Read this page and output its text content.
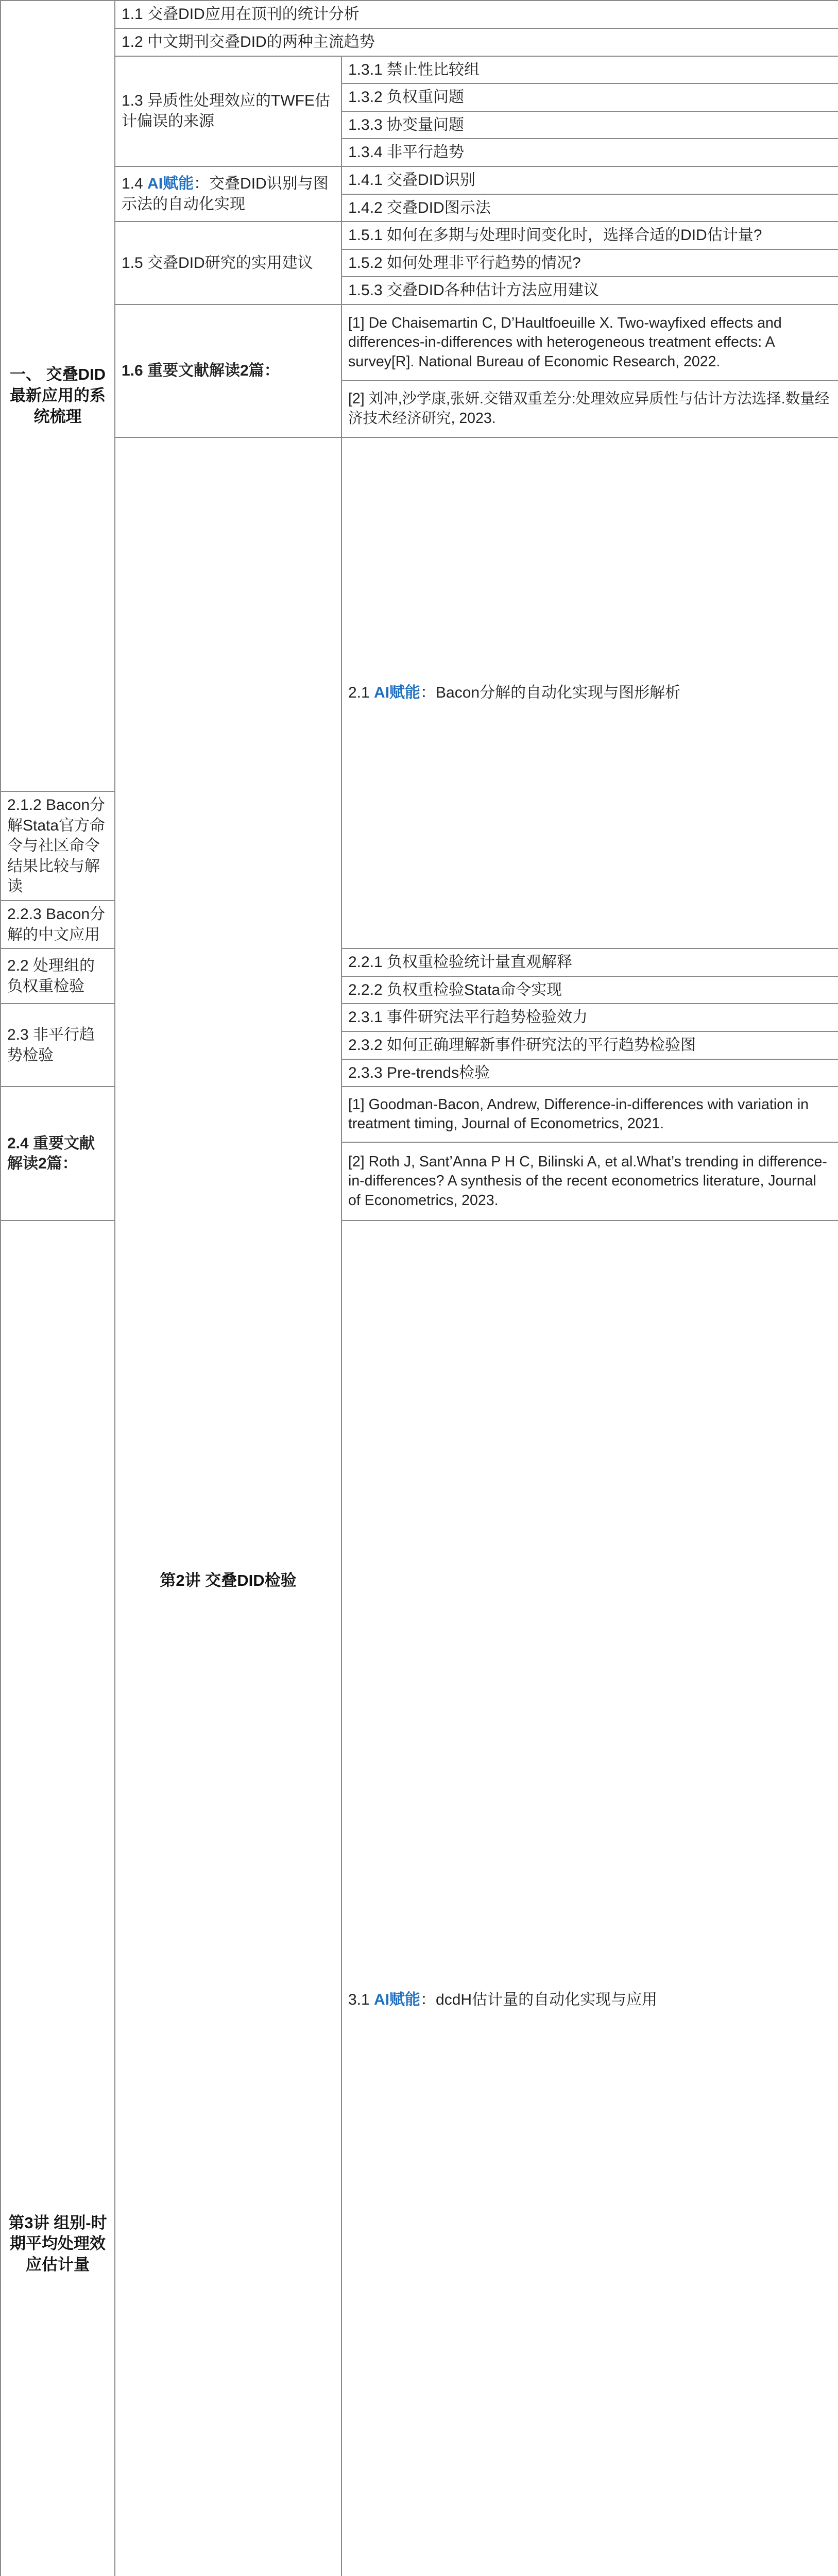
一、 交叠DID最新应用的系统梳理	1.1 交叠DID应用在顶刊的统计分析		
	1.2 中文期刊交叠DID的两种主流趋势		
	1.3 异质性处理效应的TWFE估计偏误的来源	1.3.1 禁止性比较组	
		1.3.2 负权重问题	
		1.3.3 协变量问题	
		1.3.4 非平行趋势	
	1.4 AI赋能：交叠DID识别与图示法的自动化实现	1.4.1 交叠DID识别	
		1.4.2 交叠DID图示法	
	1.5 交叠DID研究的实用建议	1.5.1 如何在多期与处理时间变化时，选择合适的DID估计量?	
		1.5.2 如何处理非平行趋势的情况?	
		1.5.3 交叠DID各种估计方法应用建议	
	1.6 重要文献解读2篇：	[1] De Chaisemartin C, D’Haultfoeuille X. Two-wayfixed effects and differences-in-differences with heterogeneous treatment effects: A survey[R]. National Bureau of Economic Research, 2022.	
		[2] 刘冲,沙学康,张妍.交错双重差分:处理效应异质性与估计方法选择.数量经济技术经济研究, 2023.	
	第2讲 交叠DID检验	2.1 AI赋能：Bacon分解的自动化实现与图形解析	
2.1.2 Bacon分解Stata官方命令与社区命令结果比较与解读			
2.2.3 Bacon分解的中文应用			
2.2 处理组的负权重检验		2.2.1 负权重检验统计量直观解释	
		2.2.2 负权重检验Stata命令实现	
2.3 非平行趋势检验		2.3.1 事件研究法平行趋势检验效力	
		2.3.2 如何正确理解新事件研究法的平行趋势检验图	
		2.3.3 Pre-trends检验	
2.4 重要文献解读2篇：		[1] Goodman-Bacon, Andrew, Difference-in-differences with variation in treatment timing, Journal of Econometrics, 2021.	
		[2] Roth J, Sant’Anna P H C, Bilinski A, et al.What’s trending in difference-in-differences? A synthesis of the recent econometrics literature, Journal of Econometrics, 2023.	
第3讲 组别-时期平均处理效应估计量		3.1 AI赋能：dcdH估计量的自动化实现与应用	
